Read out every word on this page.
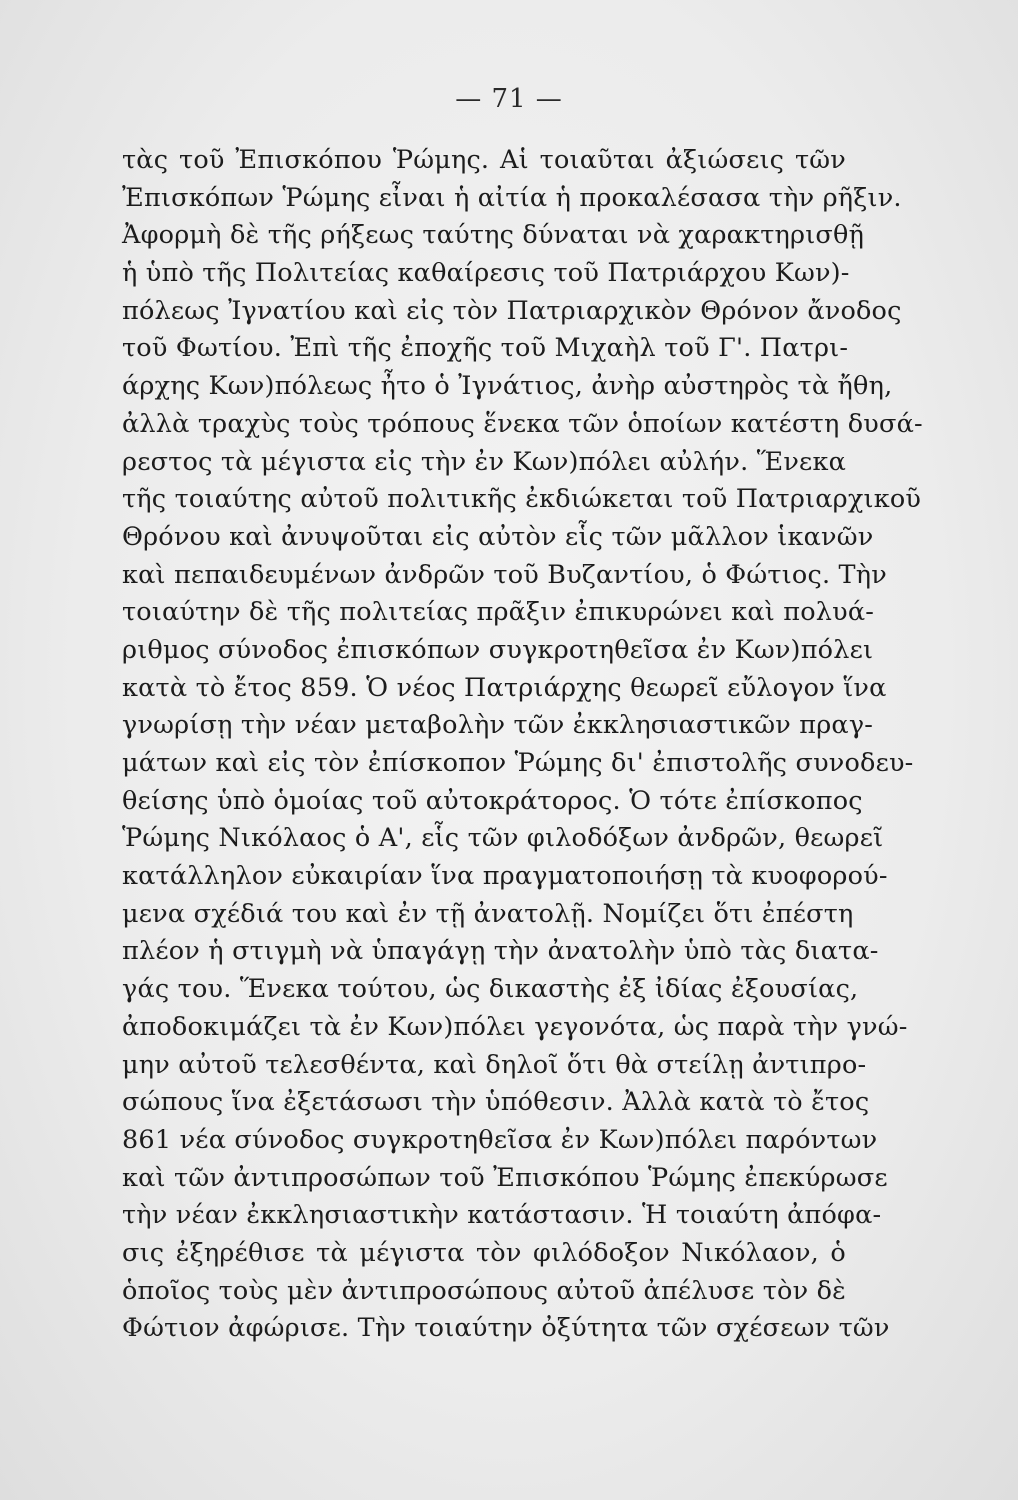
— 71 —
τὰς τοῦ Ἐπισκόπου Ῥώμης. Αἱ τοιαῦται ἀξιώσεις τῶν
Ἐπισκόπων Ῥώμης εἶναι ἡ αἰτία ἡ προκαλέσασα τὴν ρῆξιν.
Ἀφορμὴ δὲ τῆς ρήξεως ταύτης δύναται νὰ χαρακτηρισθῇ
ἡ ὑπὸ τῆς Πολιτείας καθαίρεσις τοῦ Πατριάρχου Κων)-
πόλεως Ἰγνατίου καὶ εἰς τὸν Πατριαρχικὸν Θρόνον ἄνοδος
τοῦ Φωτίου. Ἐπὶ τῆς ἐποχῆς τοῦ Μιχαὴλ τοῦ Γ'. Πατρι-
άρχης Κων)πόλεως ἦτο ὁ Ἰγνάτιος, ἀνὴρ αὐστηρὸς τὰ ἤθη,
ἀλλὰ τραχὺς τοὺς τρόπους ἕνεκα τῶν ὁποίων κατέστη δυσά-
ρεστος τὰ μέγιστα εἰς τὴν ἐν Κων)πόλει αὐλήν. Ἕνεκα
τῆς τοιαύτης αὐτοῦ πολιτικῆς ἐκδιώκεται τοῦ Πατριαρχικοῦ
Θρόνου καὶ ἀνυψοῦται εἰς αὐτὸν εἷς τῶν μᾶλλον ἱκανῶν
καὶ πεπαιδευμένων ἀνδρῶν τοῦ Βυζαντίου, ὁ Φώτιος. Τὴν
τοιαύτην δὲ τῆς πολιτείας πρᾶξιν ἐπικυρώνει καὶ πολυά-
ριθμος σύνοδος ἐπισκόπων συγκροτηθεῖσα ἐν Κων)πόλει
κατὰ τὸ ἔτος 859. Ὁ νέος Πατριάρχης θεωρεῖ εὔλογον ἵνα
γνωρίσῃ τὴν νέαν μεταβολὴν τῶν ἐκκλησιαστικῶν πραγ-
μάτων καὶ εἰς τὸν ἐπίσκοπον Ῥώμης δι' ἐπιστολῆς συνοδευ-
θείσης ὑπὸ ὁμοίας τοῦ αὐτοκράτορος. Ὁ τότε ἐπίσκοπος
Ῥώμης Νικόλαος ὁ Α', εἷς τῶν φιλοδόξων ἀνδρῶν, θεωρεῖ
κατάλληλον εὐκαιρίαν ἵνα πραγματοποιήσῃ τὰ κυοφορού-
μενα σχέδιά του καὶ ἐν τῇ ἀνατολῇ. Νομίζει ὅτι ἐπέστη
πλέον ἡ στιγμὴ νὰ ὑπαγάγῃ τὴν ἀνατολὴν ὑπὸ τὰς διατα-
γάς του. Ἕνεκα τούτου, ὡς δικαστὴς ἐξ ἰδίας ἐξουσίας,
ἀποδοκιμάζει τὰ ἐν Κων)πόλει γεγονότα, ὡς παρὰ τὴν γνώ-
μην αὐτοῦ τελεσθέντα, καὶ δηλοῖ ὅτι θὰ στείλῃ ἀντιπρο-
σώπους ἵνα ἐξετάσωσι τὴν ὑπόθεσιν. Ἀλλὰ κατὰ τὸ ἔτος
861 νέα σύνοδος συγκροτηθεῖσα ἐν Κων)πόλει παρόντων
καὶ τῶν ἀντιπροσώπων τοῦ Ἐπισκόπου Ῥώμης ἐπεκύρωσε
τὴν νέαν ἐκκλησιαστικὴν κατάστασιν. Ἡ τοιαύτη ἀπόφα-
σις ἐξηρέθισε τὰ μέγιστα τὸν φιλόδοξον Νικόλαον, ὁ
ὁποῖος τοὺς μὲν ἀντιπροσώπους αὐτοῦ ἀπέλυσε τὸν δὲ
Φώτιον ἀφώρισε. Τὴν τοιαύτην ὀξύτητα τῶν σχέσεων τῶν
